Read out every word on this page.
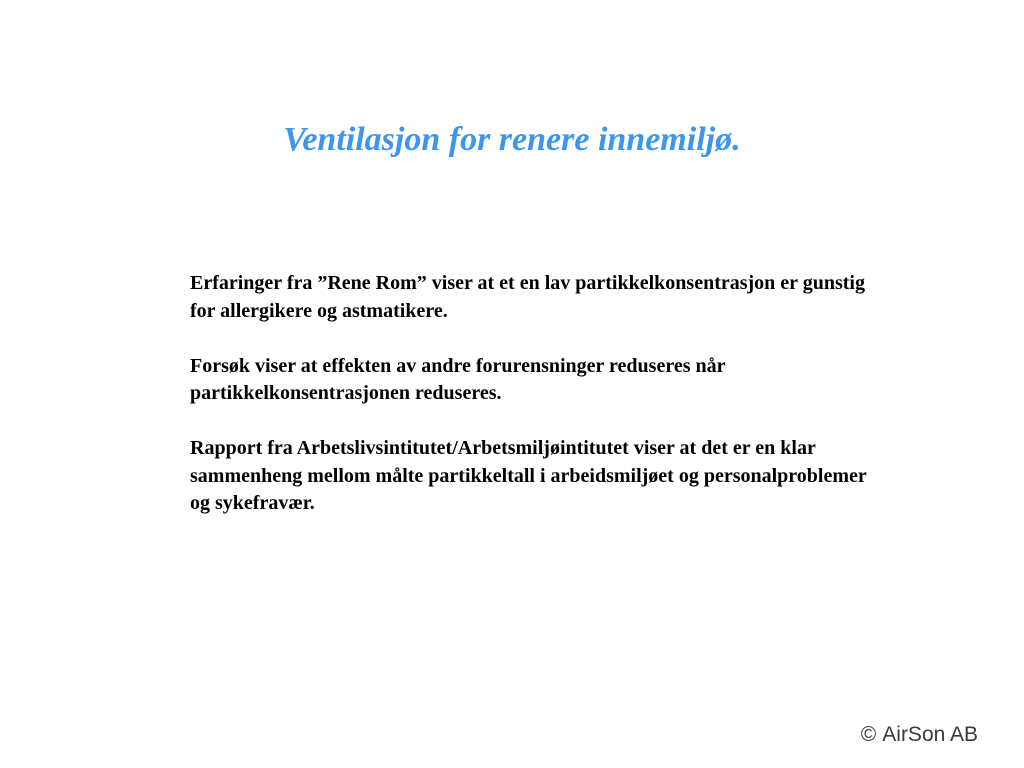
Ventilasjon for renere innemiljø.

Erfaringer fra ”Rene Rom” viser at et en lav partikkelkonsentrasjon er gunstig for allergikere og astmatikere.

Forsøk viser at effekten av andre forurensninger reduseres når partikkelkonsentrasjonen reduseres.

Rapport fra Arbetslivsintitutet/Arbetsmiljøintitutet viser at det er en klar sammenheng mellom målte partikkeltall i arbeidsmiljøet og personalproblemer og sykefravær.

© AirSon AB
